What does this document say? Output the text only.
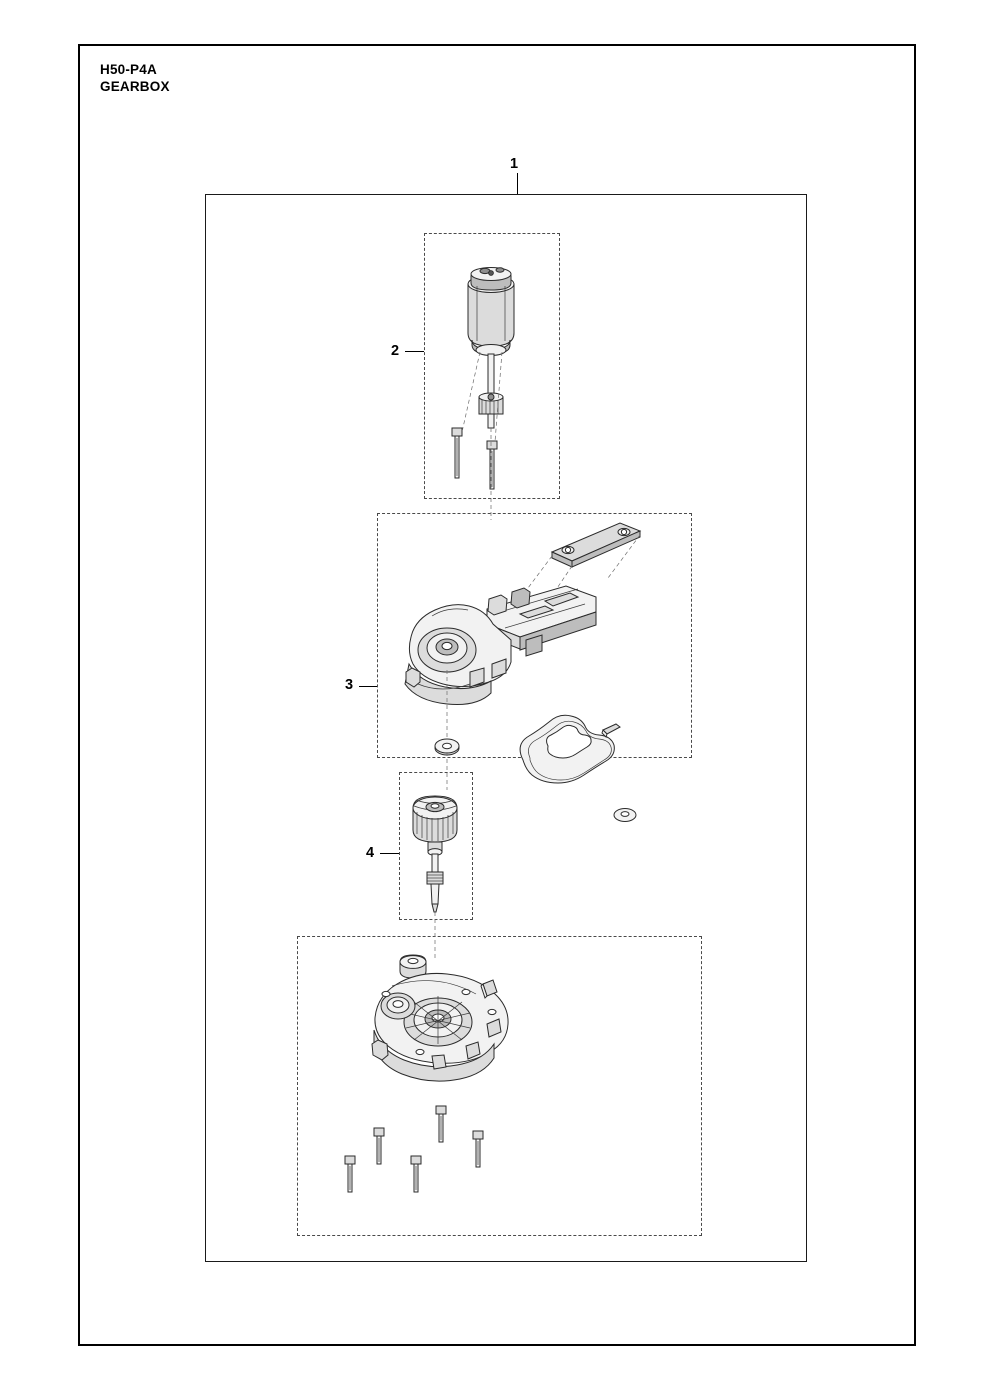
H50-P4A
GEARBOX
1
2
3
4
